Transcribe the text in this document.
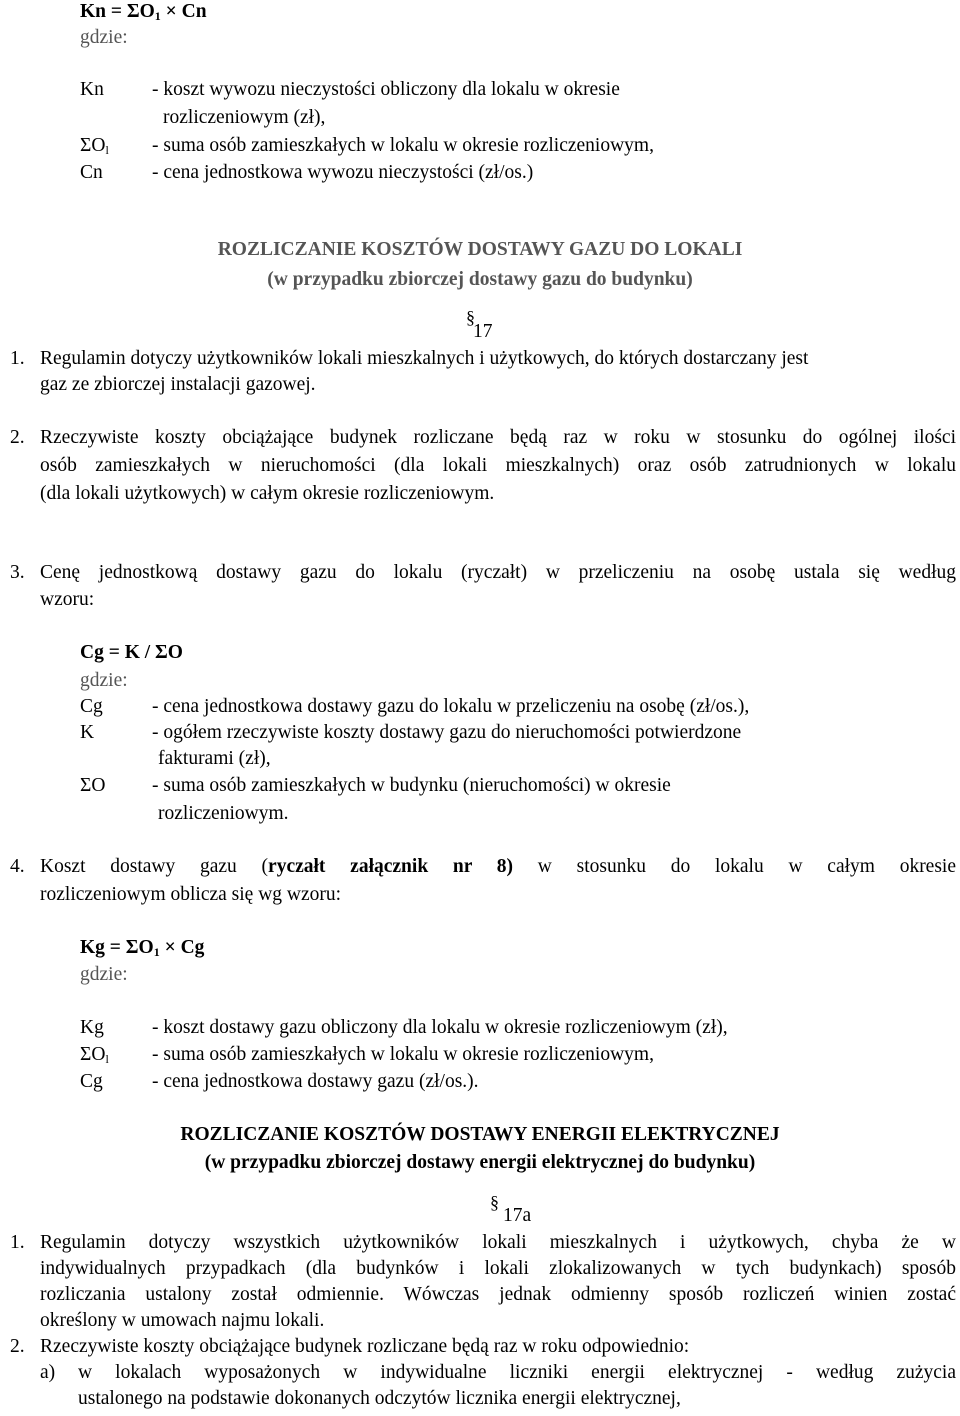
$Kn = \Sigma O_1 \times Cn$
gdzie:
Kn - koszt wywozu nieczystości obliczony dla lokalu w okresie
rozliczeniowym (zł),
$\Sigma O_l$ - suma osób zamieszkałych w lokalu w okresie rozliczeniowym,
Cn	- cena jednostkowa wywozu nieczystości (zł/os.)
ROZLICZANIE KOSZTÓW DOSTAWY GAZU DO LOKALI
(w przypadku zbiorczej dostawy gazu do budynku)
§
17
1. Regulamin dotyczy użytkowników lokali mieszkalnych i użytkowych, do których dostarczany jest
gaz ze zbiorczej instalacji gazowej.
2. Rzeczywiste koszty obciążające budynek rozliczane będą raz w roku w stosunku do ogólnej ilości
osób zamieszkałych w nieruchomości (dla lokali mieszkalnych) oraz osób zatrudnionych w lokalu
(dla lokali użytkowych) w całym okresie rozliczeniowym.
3. Cenę jednostkową dostawy gazu do lokalu (ryczałt) w przeliczeniu na osobę ustala się według
wzoru:
Cg = K / ΣO
gdzie:
Cg	- cena jednostkowa dostawy gazu do lokalu w przeliczeniu na osobę (zł/os.),
K	- ogółem rzeczywiste koszty dostawy gazu do nieruchomości potwierdzone
fakturami (zł),
ΣO - suma osób zamieszkałych w budynku (nieruchomości) w okresie
rozliczeniowym.
4. Koszt dostawy gazu (ryczałt załącznik nr 8) w stosunku do lokalu w całym okresie
rozliczeniowym oblicza się wg wzoru:
$Kg = \Sigma O_1 \times Cg$
gdzie:
Kg - koszt dostawy gazu obliczony dla lokalu w okresie rozliczeniowym (zł),
$\Sigma O_l$ - suma osób zamieszkałych w lokalu w okresie rozliczeniowym,
Cg	- cena jednostkowa dostawy gazu (zł/os.).
ROZLICZANIE KOSZTÓW DOSTAWY ENERGII ELEKTRYCZNEJ
(w przypadku zbiorczej dostawy energii elektrycznej do budynku)
§
17a
1. Regulamin dotyczy wszystkich użytkowników lokali mieszkalnych i użytkowych, chyba że w
indywidualnych przypadkach (dla budynków i lokali zlokalizowanych w tych budynkach) sposób
rozliczania ustalony został odmiennie. Wówczas jednak odmienny sposób rozliczeń winien zostać
określony w umowach najmu lokali.
2. Rzeczywiste koszty obciążające budynek rozliczane będą raz w roku odpowiednio:
a) w lokalach wyposażonych w indywidualne liczniki energii elektrycznej - według zużycia
ustalonego na podstawie dokonanych odczytów licznika energii elektrycznej,
